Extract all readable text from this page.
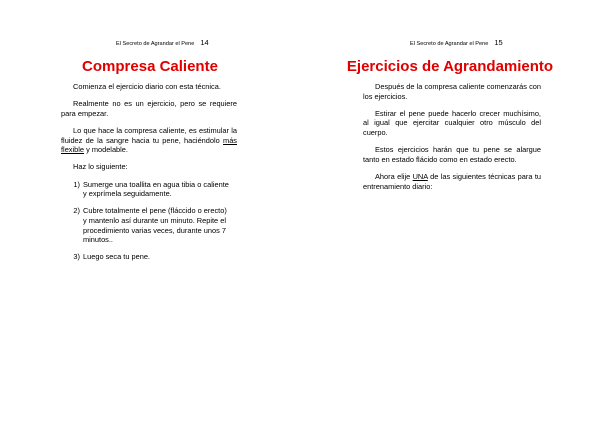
El Secreto de Agrandar el Pene 14
Compresa Caliente

Comienza el ejercicio diario con esta técnica.

Realmente no es un ejercicio, pero se requiere para empezar.

Lo que hace la compresa caliente, es estimular la fluidez de la sangre hacia tu pene, haciéndolo más flexible y modelable.

Haz lo siguiente:

1) Sumerge una toallita en agua tibia o caliente y exprímela seguidamente.
2) Cubre totalmente el pene (fláccido o erecto) y mantenlo así durante un minuto. Repite el procedimiento varias veces, durante unos 7 minutos..
3) Luego seca tu pene.
El Secreto de Agrandar el Pene 15
Ejercicios de Agrandamiento

Después de la compresa caliente comenzarás con los ejercicios.

Estirar el pene puede hacerlo crecer muchísimo, al igual que ejercitar cualquier otro músculo del cuerpo.

Estos ejercicios harán que tu pene se alargue tanto en estado flácido como en estado erecto.

Ahora elije UNA de las siguientes técnicas para tu entrenamiento diario:
